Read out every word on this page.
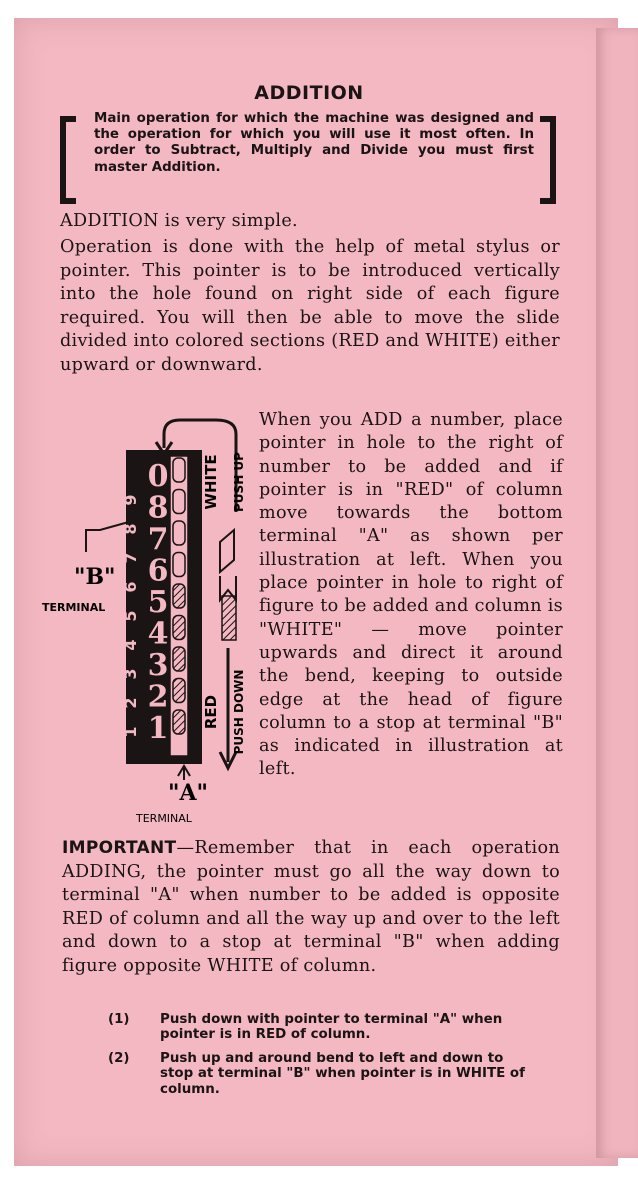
ADDITION
Main operation for which the machine was designed and the operation for which you will use it most often. In order to Subtract, Multiply and Divide you must first master Addition.
ADDITION is very simple.
Operation is done with the help of metal stylus or pointer. This pointer is to be introduced vertically into the hole found on right side of each figure required. You will then be able to move the slide divided into colored sections (RED and WHITE) either upward or downward.
0
8
7
6
5
4
3
2
1
1
2
3
4
5
6
7
8
9	WHITE PUSH UP
RED PUSH DOWN
"B"
TERMINAL
"A"
TERMINAL
When you ADD a number, place pointer in hole to the right of number to be added and if pointer is in "RED" of column move towards the bottom terminal "A" as shown per illustration at left. When you place pointer in hole to right of figure to be added and column is "WHITE" — move pointer upwards and direct it around the bend, keeping to outside edge at the head of figure column to a stop at terminal "B" as indicated in illustration at left.
IMPORTANT—Remember that in each operation ADDING, the pointer must go all the way down to terminal "A" when number to be added is opposite RED of column and all the way up and over to the left and down to a stop at terminal "B" when adding figure opposite WHITE of column.
(1)	Push down with pointer to terminal "A" when pointer is in RED of column.
(2)	Push up and around bend to left and down to stop at terminal "B" when pointer is in WHITE of column.
